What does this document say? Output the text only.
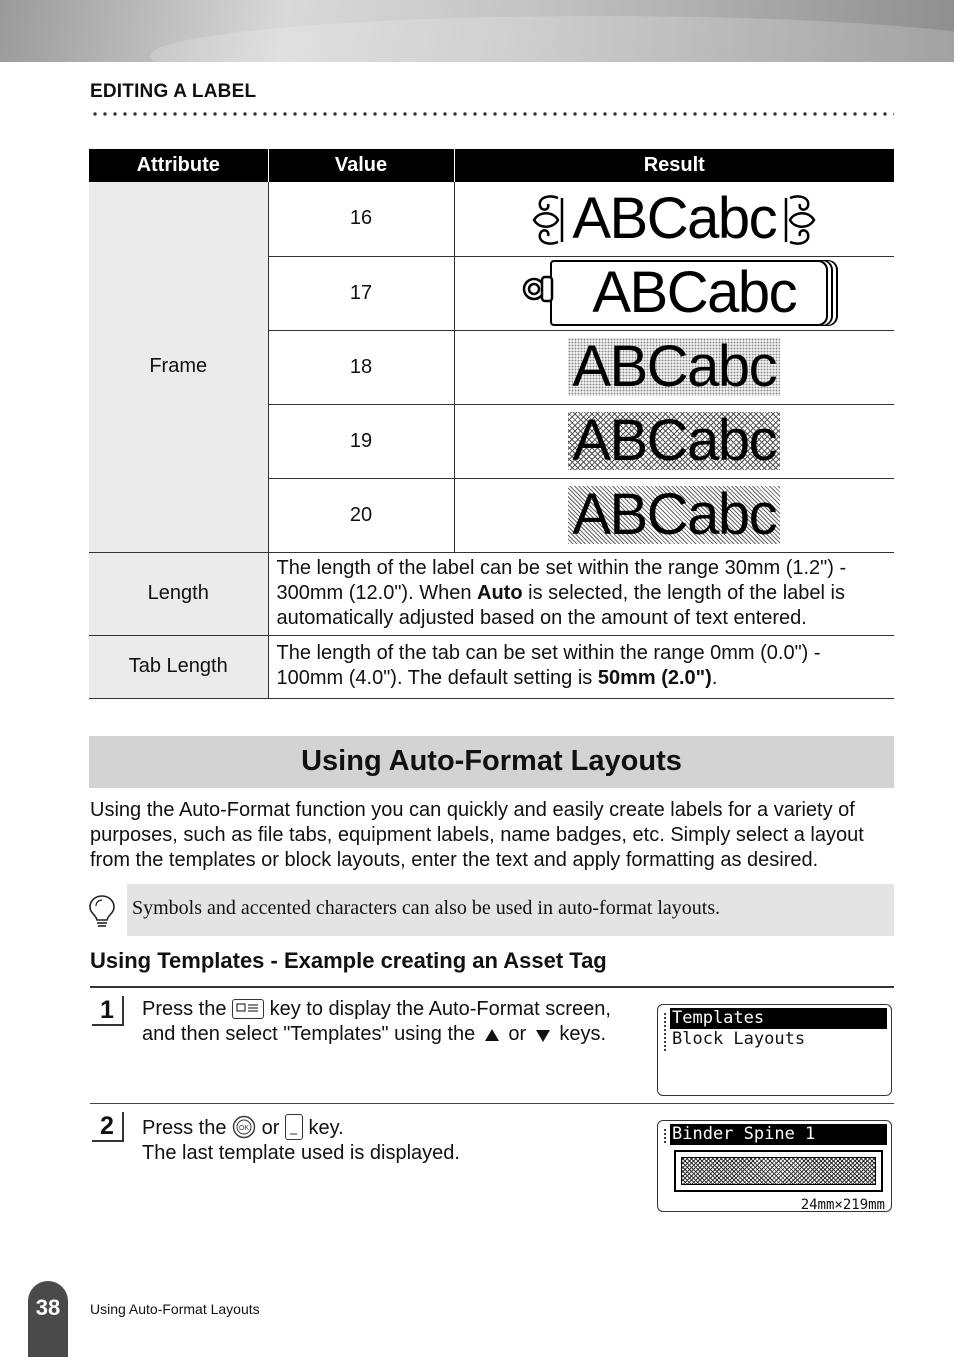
EDITING A LABEL
Attribute	Value	Result
Frame	16	ABCabc

	17	ABCabc
	18	ABCabc
	19	ABCabc
	20	ABCabc
Length	The length of the label can be set within the range 30mm (1.2") - 300mm (12.0"). When Auto is selected, the length of the label is automatically adjusted based on the amount of text entered.	
Tab Length	The length of the tab can be set within the range 0mm (0.0") - 100mm (4.0"). The default setting is 50mm (2.0").	
Using Auto-Format Layouts
Using the Auto-Format function you can quickly and easily create labels for a variety of purposes, such as file tabs, equipment labels, name badges, etc. Simply select a layout from the templates or block layouts, enter the text and apply formatting as desired.
Symbols and accented characters can also be used in auto-format layouts.
Using Templates - Example creating an Asset Tag
1	Press the
key to display the Auto-Format screen,
and then select "Templates" using the  or  keys.
Templates
Block Layouts
2	Press the OK or
key.
The last template used is displayed.
Binder Spine 1
24mm×219mm
38	Using Auto-Format Layouts
